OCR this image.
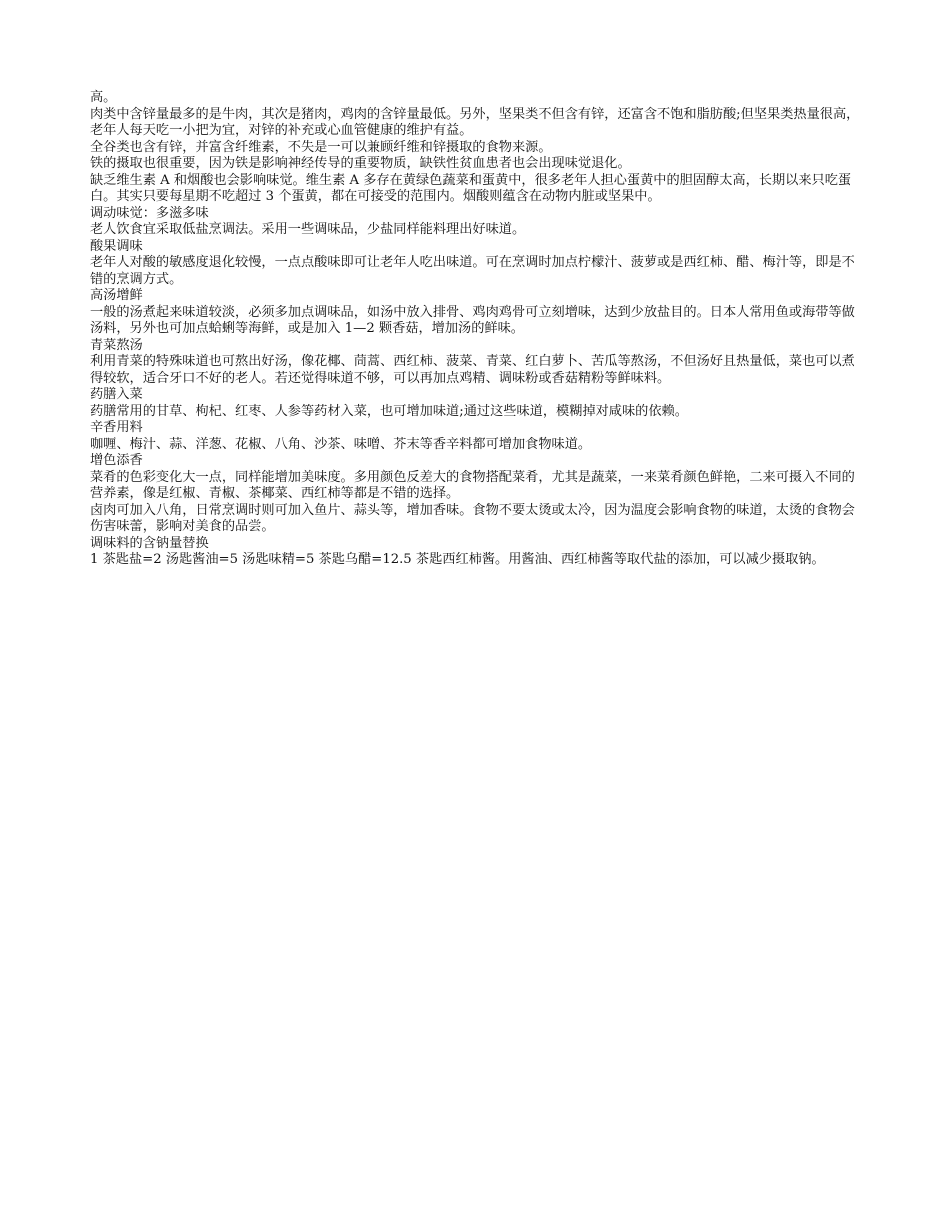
高。

肉类中含锌量最多的是牛肉，其次是猪肉，鸡肉的含锌量最低。另外，坚果类不但含有锌，还富含不饱和脂肪酸;但坚果类热量很高，老年人每天吃一小把为宜，对锌的补充或心血管健康的维护有益。

全谷类也含有锌，并富含纤维素，不失是一可以兼顾纤维和锌摄取的食物来源。

铁的摄取也很重要，因为铁是影响神经传导的重要物质，缺铁性贫血患者也会出现味觉退化。

缺乏维生素 A 和烟酸也会影响味觉。维生素 A 多存在黄绿色蔬菜和蛋黄中，很多老年人担心蛋黄中的胆固醇太高，长期以来只吃蛋白。其实只要每星期不吃超过 3 个蛋黄，都在可接受的范围内。烟酸则蕴含在动物内脏或坚果中。

调动味觉：多滋多味

老人饮食宜采取低盐烹调法。采用一些调味品，少盐同样能料理出好味道。

酸果调味

老年人对酸的敏感度退化较慢，一点点酸味即可让老年人吃出味道。可在烹调时加点柠檬汁、菠萝或是西红柿、醋、梅汁等，即是不错的烹调方式。

高汤增鲜

一般的汤煮起来味道较淡，必须多加点调味品，如汤中放入排骨、鸡肉鸡骨可立刻增味，达到少放盐目的。日本人常用鱼或海带等做汤料，另外也可加点蛤蜊等海鲜，或是加入 1—2 颗香菇，增加汤的鲜味。

青菜熬汤

利用青菜的特殊味道也可熬出好汤，像花椰、茼蒿、西红柿、菠菜、青菜、红白萝卜、苦瓜等熬汤，不但汤好且热量低，菜也可以煮得较软，适合牙口不好的老人。若还觉得味道不够，可以再加点鸡精、调味粉或香菇精粉等鲜味料。

药膳入菜

药膳常用的甘草、枸杞、红枣、人参等药材入菜，也可增加味道;通过这些味道，模糊掉对咸味的依赖。

辛香用料

咖喱、梅汁、蒜、洋葱、花椒、八角、沙茶、味噌、芥末等香辛料都可增加食物味道。

增色添香

菜肴的色彩变化大一点，同样能增加美味度。多用颜色反差大的食物搭配菜肴，尤其是蔬菜，一来菜肴颜色鲜艳，二来可摄入不同的营养素，像是红椒、青椒、茶椰菜、西红柿等都是不错的选择。

卤肉可加入八角，日常烹调时则可加入鱼片、蒜头等，增加香味。食物不要太烫或太冷，因为温度会影响食物的味道，太烫的食物会伤害味蕾，影响对美食的品尝。

调味料的含钠量替换

1 茶匙盐=2 汤匙酱油=5 汤匙味精=5 茶匙乌醋=12.5 茶匙西红柿酱。用酱油、西红柿酱等取代盐的添加，可以减少摄取钠。
